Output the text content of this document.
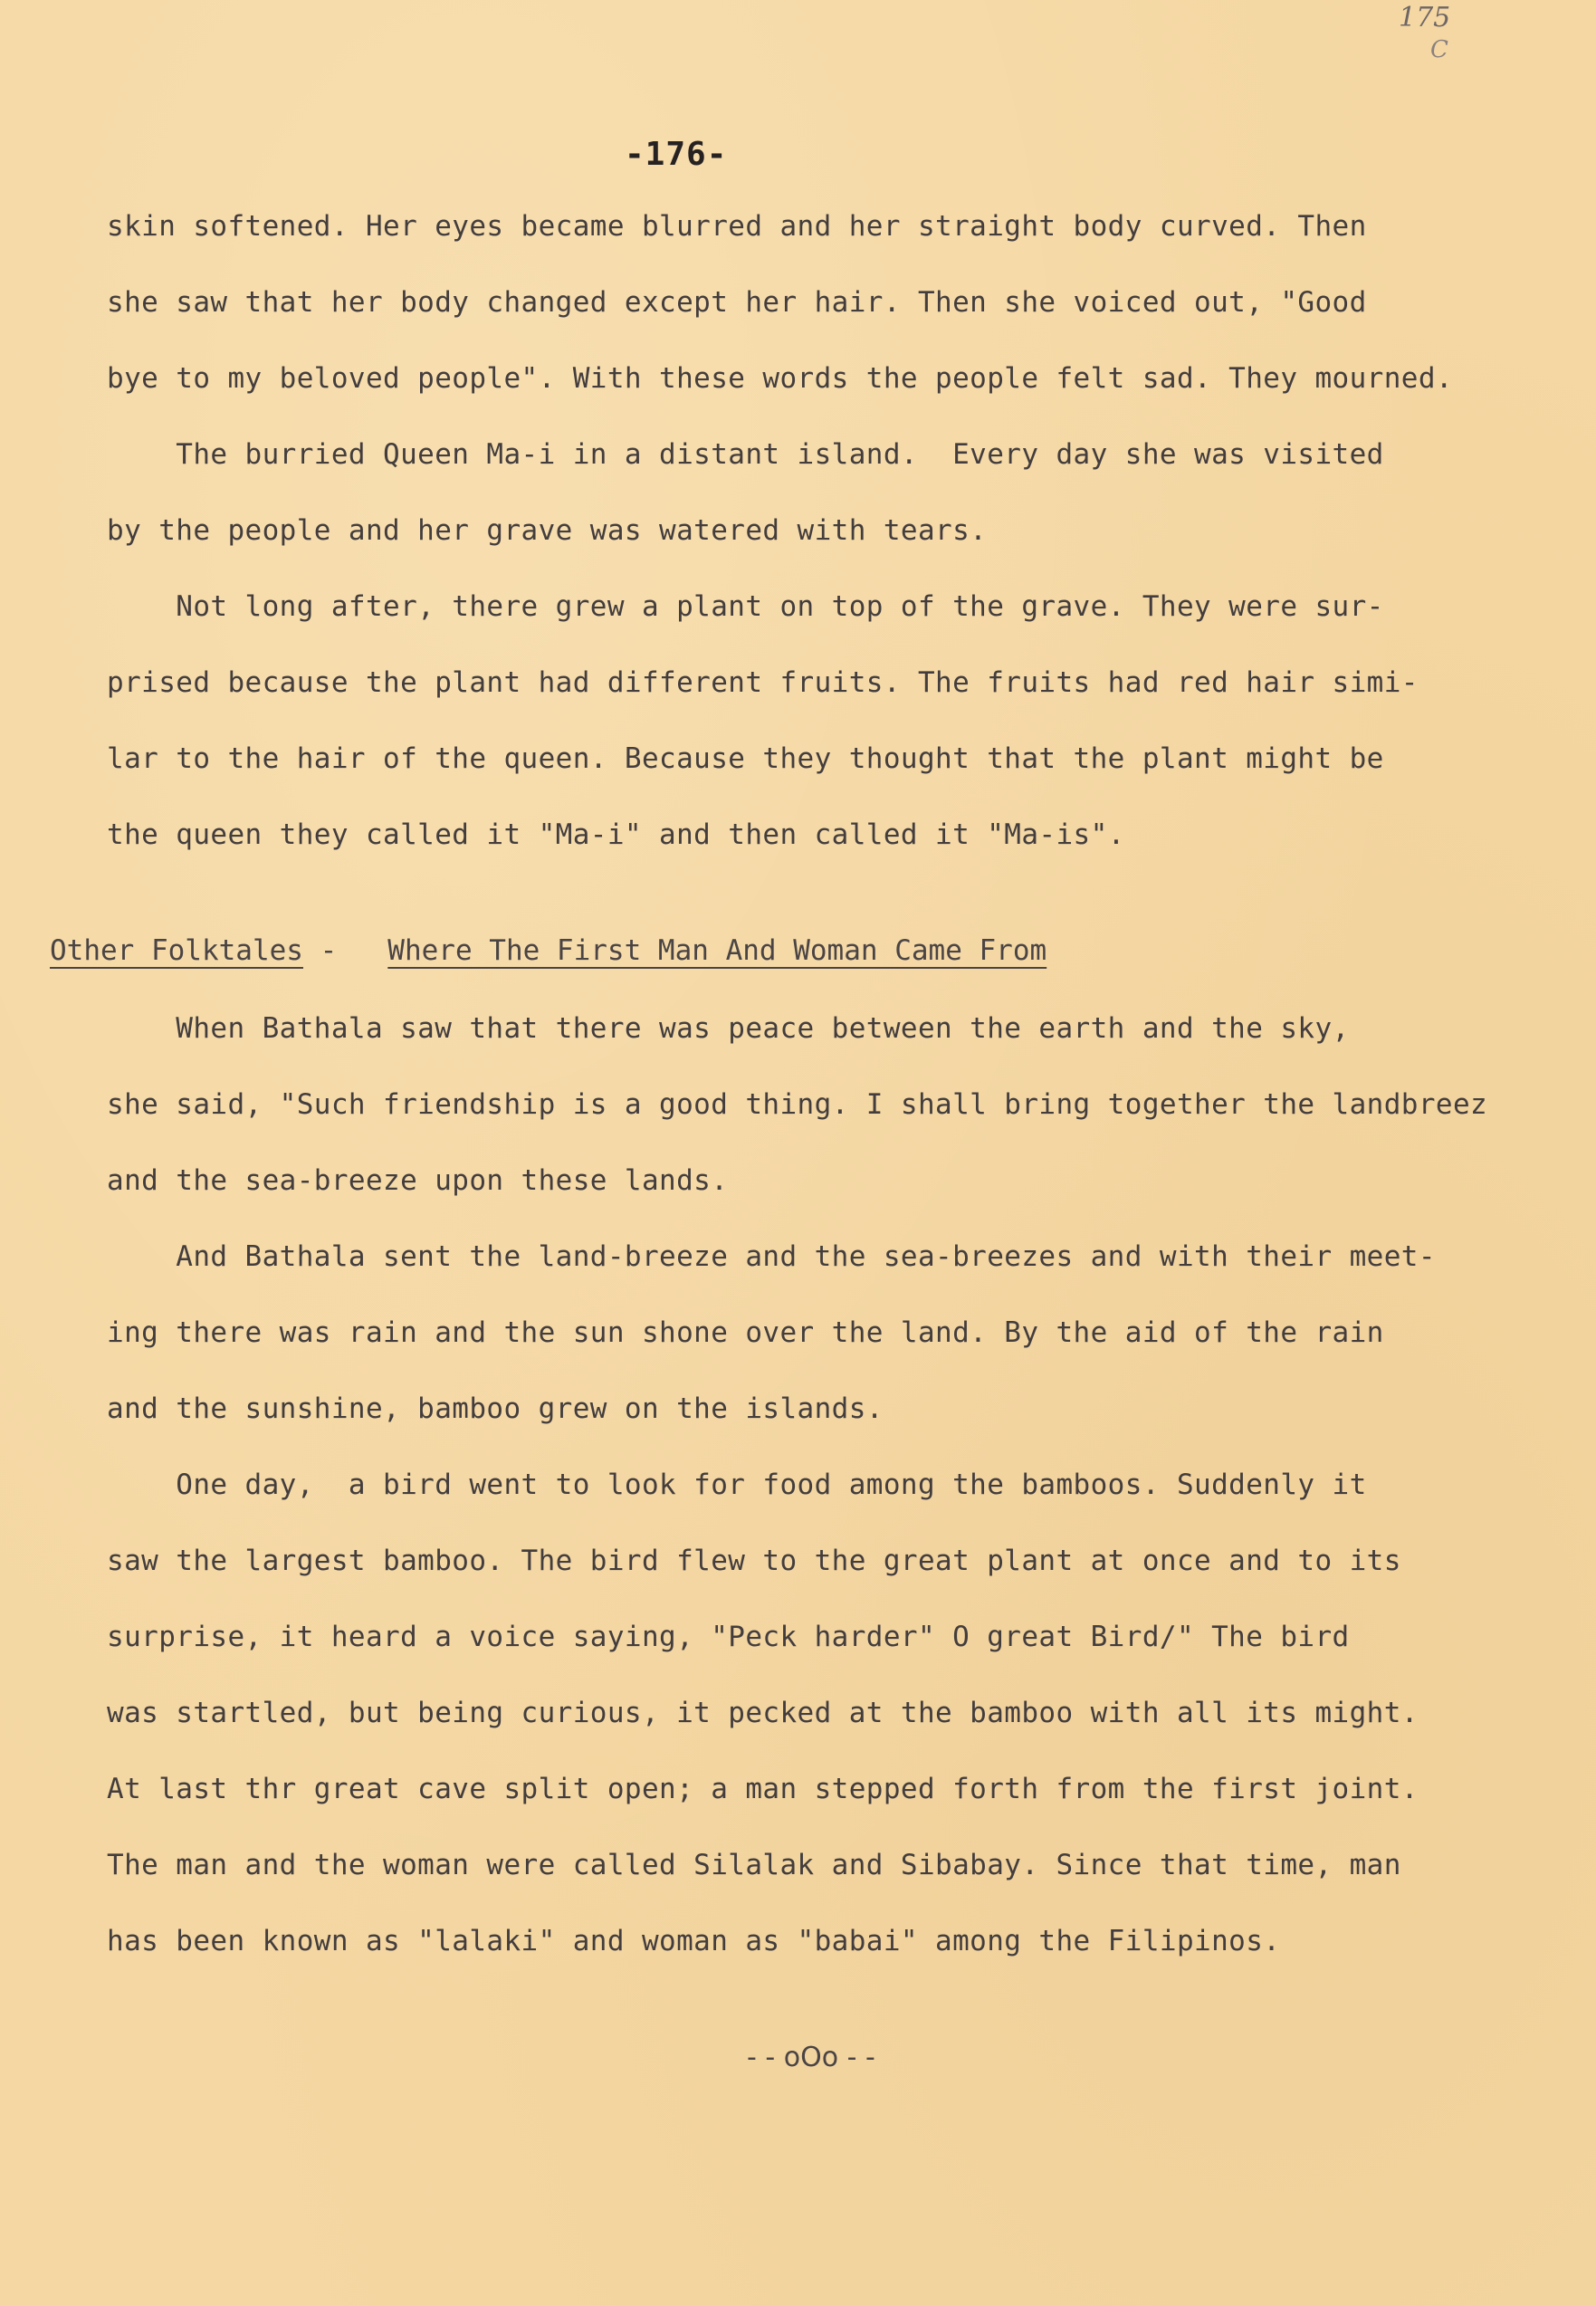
175
C
-176-
skin softened. Her eyes became blurred and her straight body curved. Then
she saw that her body changed except her hair. Then she voiced out, "Good
bye to my beloved people". With these words the people felt sad. They mourned.
The burried Queen Ma-i in a distant island.  Every day she was visited
by the people and her grave was watered with tears.
Not long after, there grew a plant on top of the grave. They were sur-
prised because the plant had different fruits. The fruits had red hair simi-
lar to the hair of the queen. Because they thought that the plant might be
the queen they called it "Ma-i" and then called it "Ma-is".
Other Folktales -   Where The First Man And Woman Came From
When Bathala saw that there was peace between the earth and the sky,
she said, "Such friendship is a good thing. I shall bring together the landbreez
and the sea-breeze upon these lands.
And Bathala sent the land-breeze and the sea-breezes and with their meet-
ing there was rain and the sun shone over the land. By the aid of the rain
and the sunshine, bamboo grew on the islands.
One day,  a bird went to look for food among the bamboos. Suddenly it
saw the largest bamboo. The bird flew to the great plant at once and to its
surprise, it heard a voice saying, "Peck harder" O great Bird/" The bird
was startled, but being curious, it pecked at the bamboo with all its might.
At last thr great cave split open; a man stepped forth from the first joint.
The man and the woman were called Silalak and Sibabay. Since that time, man
has been known as "lalaki" and woman as "babai" among the Filipinos.
- - oOo - -
